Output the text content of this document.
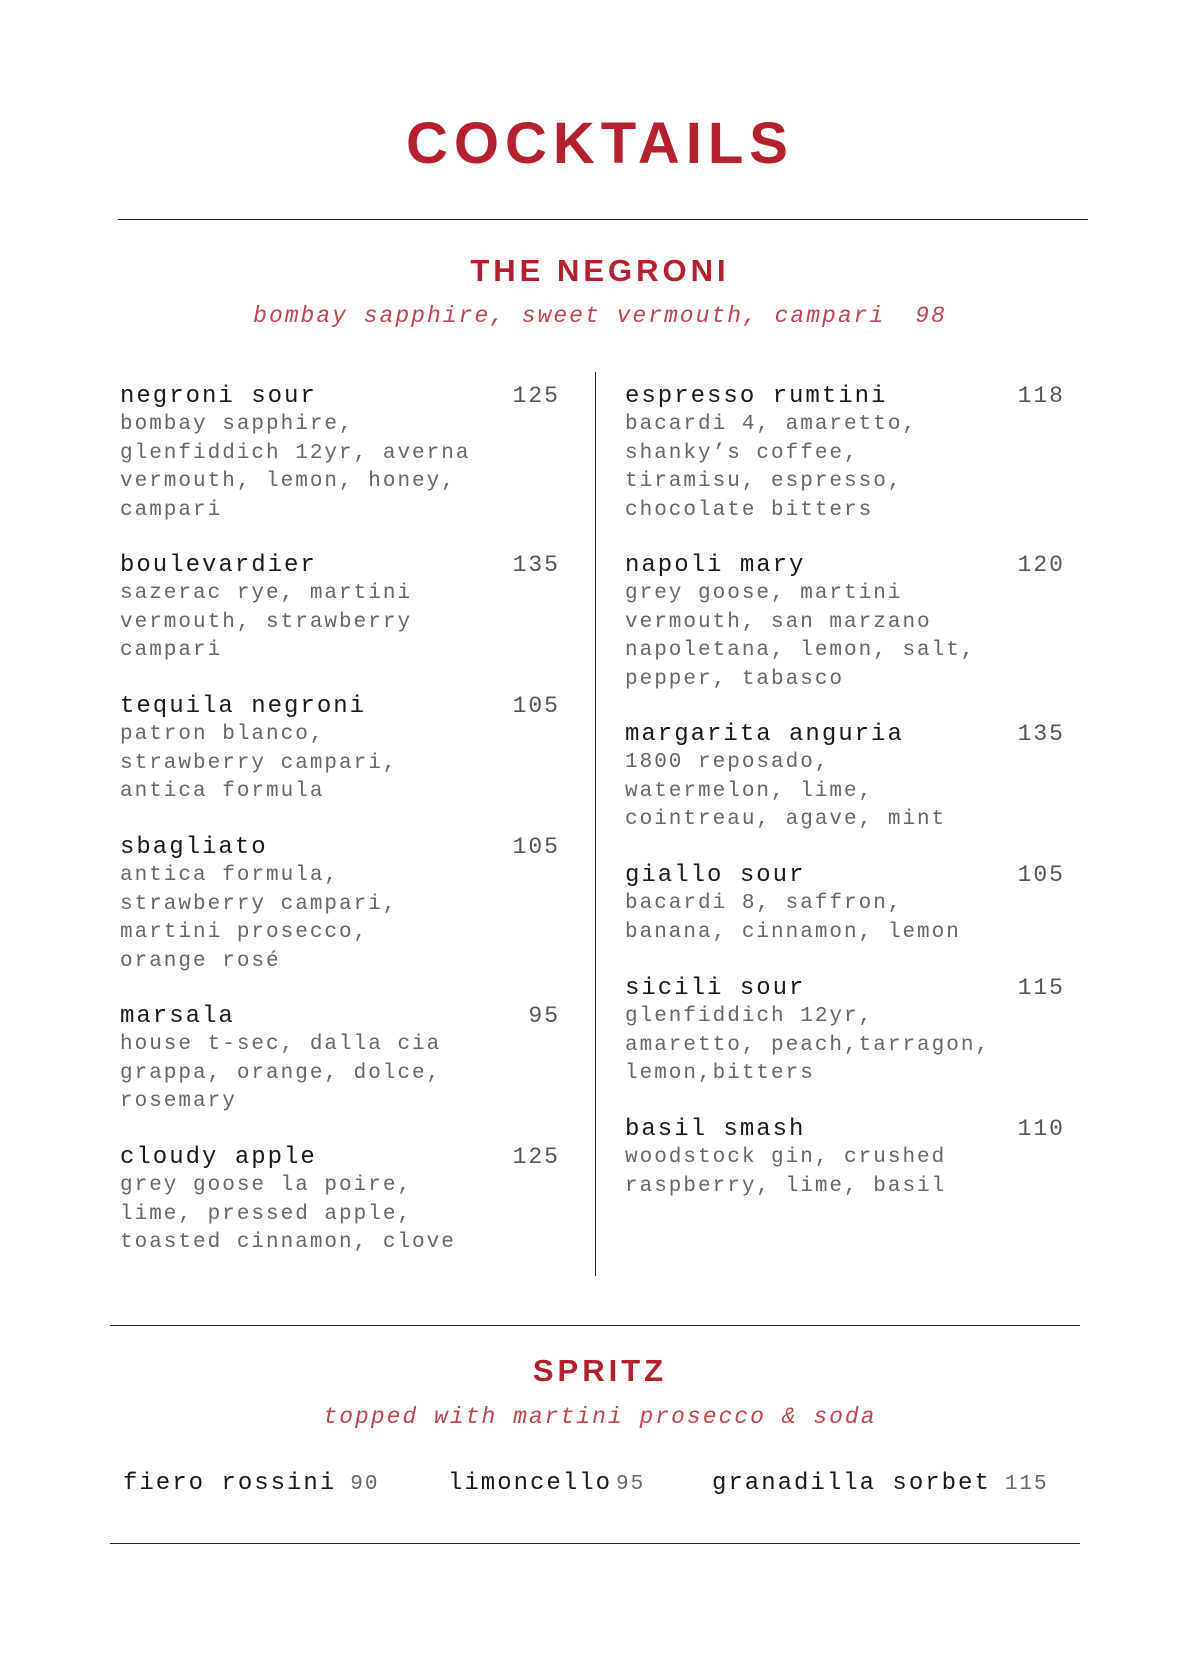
COCKTAILS
THE NEGRONI
bombay sapphire, sweet vermouth, campari 98
negroni sour	125
bombay sapphire, glenfiddich 12yr, averna vermouth, lemon, honey, campari
boulevardier	135
sazerac rye, martini vermouth, strawberry campari
tequila negroni	105
patron blanco, strawberry campari, antica formula
sbagliato	105
antica formula, strawberry campari, martini prosecco, orange rosé
marsala	95
house t-sec, dalla cia grappa, orange, dolce, rosemary
cloudy apple	125
grey goose la poire, lime, pressed apple, toasted cinnamon, clove
espresso rumtini	118
bacardi 4, amaretto, shanky’s coffee, tiramisu, espresso, chocolate bitters
napoli mary	120
grey goose, martini vermouth, san marzano napoletana, lemon, salt, pepper, tabasco
margarita anguria	135
1800 reposado, watermelon, lime, cointreau, agave, mint
giallo sour	105
bacardi 8, saffron, banana, cinnamon, lemon
sicili sour	115
glenfiddich 12yr, amaretto, peach,tarragon, lemon,bitters
basil smash	110
woodstock gin, crushed raspberry, lime, basil
SPRITZ
topped with martini prosecco & soda
fiero rossini 90	limoncello 95	granadilla sorbet 115
